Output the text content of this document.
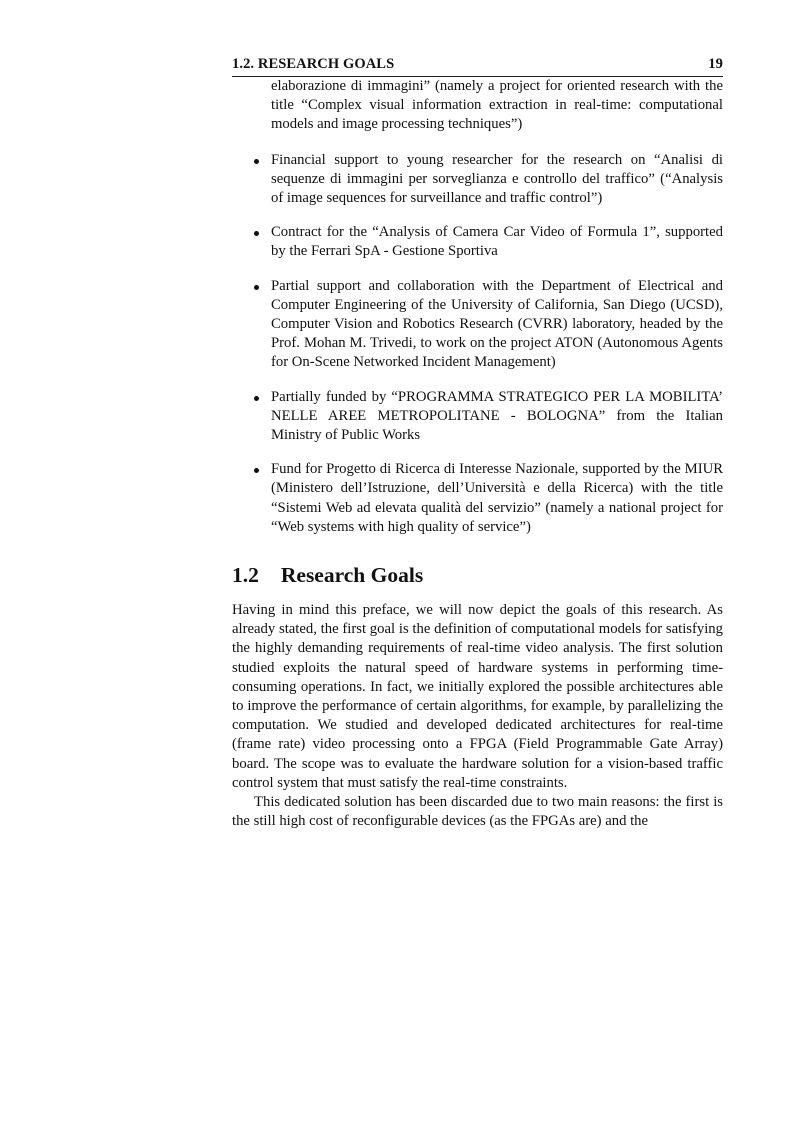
1.2. RESEARCH GOALS	19

elaborazione di immagini” (namely a project for oriented research with the title “Complex visual information extraction in real-time: computational models and image processing techniques”)

Financial support to young researcher for the research on “Analisi di sequenze di immagini per sorveglianza e controllo del traffico” (“Analysis of image sequences for surveillance and traffic control”)

Contract for the “Analysis of Camera Car Video of Formula 1”, supported by the Ferrari SpA - Gestione Sportiva

Partial support and collaboration with the Department of Electrical and Computer Engineering of the University of California, San Diego (UCSD), Computer Vision and Robotics Research (CVRR) laboratory, headed by the Prof. Mohan M. Trivedi, to work on the project ATON (Autonomous Agents for On-Scene Networked Incident Management)

Partially funded by “PROGRAMMA STRATEGICO PER LA MOBILITA’ NELLE AREE METROPOLITANE - BOLOGNA” from the Italian Ministry of Public Works

Fund for Progetto di Ricerca di Interesse Nazionale, supported by the MIUR (Ministero dell’Istruzione, dell’Università e della Ricerca) with the title “Sistemi Web ad elevata qualità del servizio” (namely a national project for “Web systems with high quality of service”)

1.2 Research Goals

Having in mind this preface, we will now depict the goals of this research. As already stated, the first goal is the definition of computational models for satisfying the highly demanding requirements of real-time video analysis. The first solution studied exploits the natural speed of hardware systems in performing time-consuming operations. In fact, we initially explored the possible architectures able to improve the performance of certain algorithms, for example, by parallelizing the computation. We studied and developed dedicated architectures for real-time (frame rate) video processing onto a FPGA (Field Programmable Gate Array) board. The scope was to evaluate the hardware solution for a vision-based traffic control system that must satisfy the real-time constraints.

This dedicated solution has been discarded due to two main reasons: the first is the still high cost of reconfigurable devices (as the FPGAs are) and the
